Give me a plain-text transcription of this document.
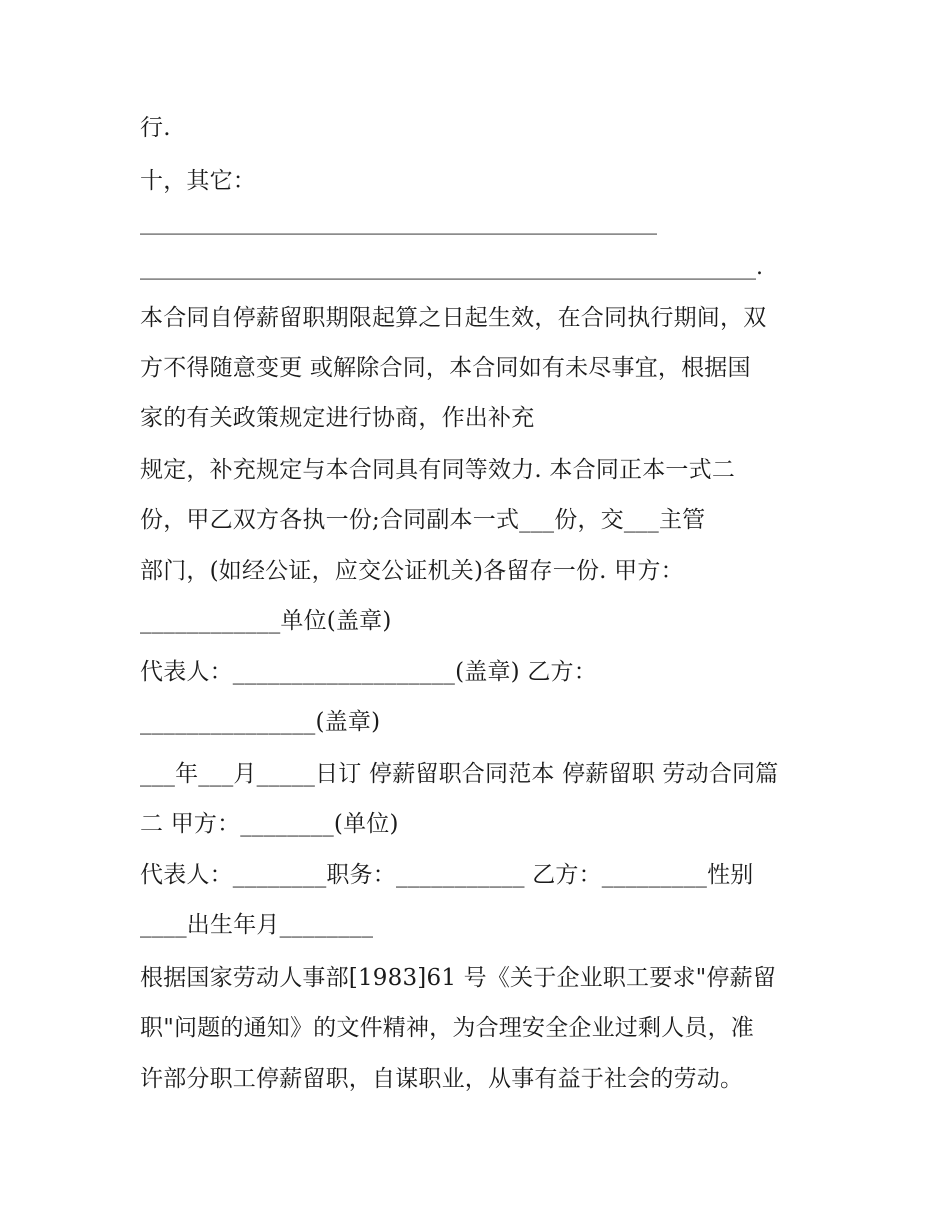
行.
十，其它：
_______________________________________________
________________________________________________________.
本合同自停薪留职期限起算之日起生效，在合同执行期间，双
方不得随意变更 或解除合同，本合同如有未尽事宜，根据国
家的有关政策规定进行协商，作出补充
规定，补充规定与本合同具有同等效力. 本合同正本一式二
份，甲乙双方各执一份;合同副本一式___份，交___主管
部门，(如经公证，应交公证机关)各留存一份. 甲方：
____________单位(盖章)
代表人：___________________(盖章) 乙方：
_______________(盖章)
___年___月_____日订 停薪留职合同范本 停薪留职 劳动合同篇
二 甲方：________(单位)
代表人：________职务：___________ 乙方：_________性别
____出生年月________
根据国家劳动人事部[1983]61 号《关于企业职工要求"停薪留
职"问题的通知》的文件精神，为合理安全企业过剩人员，准
许部分职工停薪留职，自谋职业，从事有益于社会的劳动。
